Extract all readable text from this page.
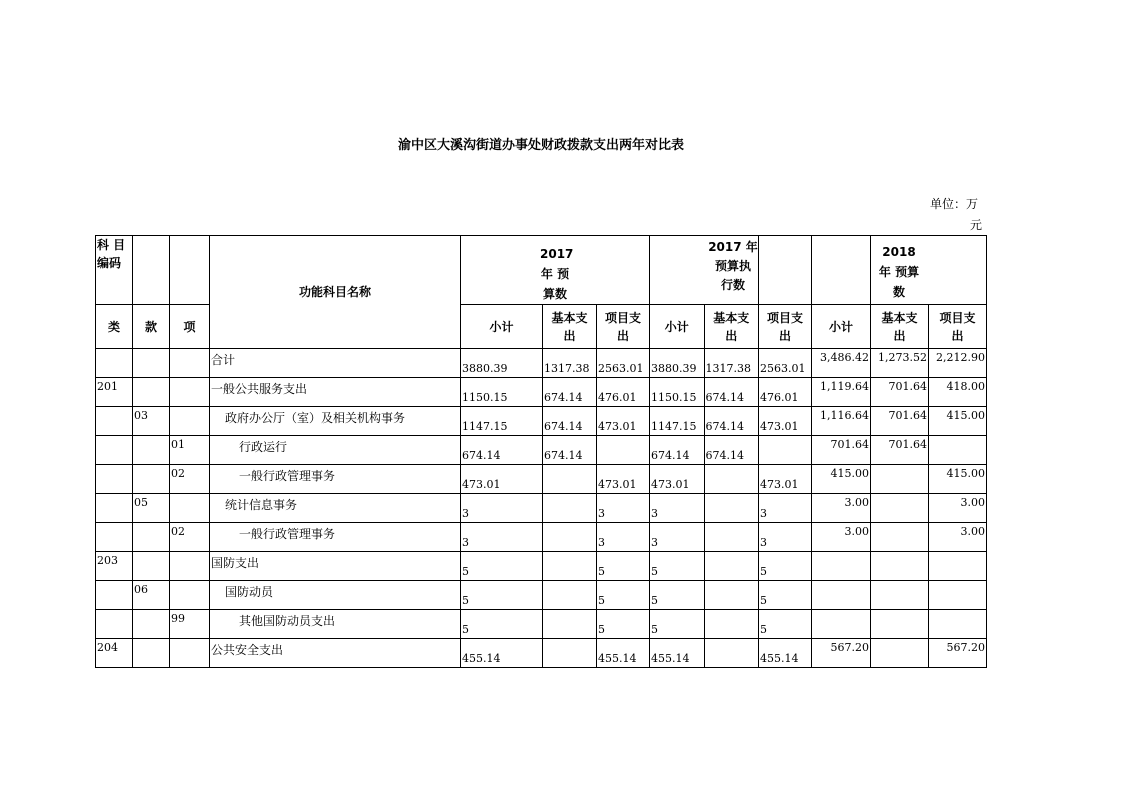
渝中区大溪沟街道办事处财政拨款支出两年对比表
单位：万
元
科 目 编码			功能科目名称	2017 年 预算数			2017 年 预算执 行数				2018 年 预算数	

类	款	项		小计	基本支 出	项目支 出	小计	基本支 出	项目支 出	小计	基本支 出	项目支 出

			合计	3880.39	1317.38	2563.01	3880.39	1317.38	2563.01	3,486.42	1,273.52	2,212.90
201			一般公共服务支出	1150.15	674.14	476.01	1150.15	674.14	476.01	1,119.64	701.64	418.00
	03		政府办公厅（室）及相关机构事务	1147.15	674.14	473.01	1147.15	674.14	473.01	1,116.64	701.64	415.00
		01	行政运行	674.14	674.14		674.14	674.14		701.64	701.64	
		02	一般行政管理事务	473.01		473.01	473.01		473.01	415.00		415.00
	05		统计信息事务	3		3	3		3	3.00		3.00
		02	一般行政管理事务	3		3	3		3	3.00		3.00
203			国防支出	5		5	5		5			
	06		国防动员	5		5	5		5			
		99	其他国防动员支出	5		5	5		5			
204			公共安全支出	455.14		455.14	455.14		455.14	567.20		567.20
